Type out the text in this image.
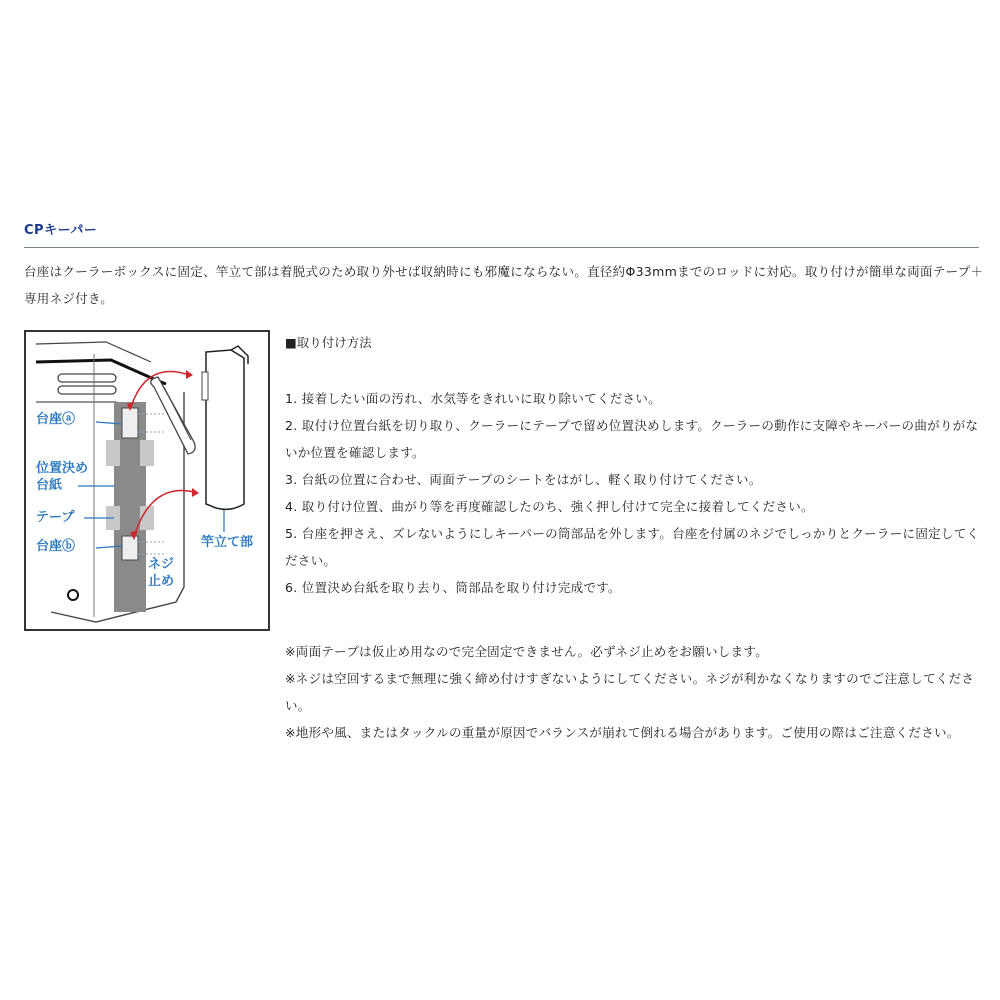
CPキーパー
台座はクーラーボックスに固定、竿立て部は着脱式のため取り外せば収納時にも邪魔にならない。直径約Φ33mmまでのロッドに対応。取り付けが簡単な両面テープ＋専用ネジ付き。
台座ⓐ
位置決め
台紙
テープ
台座ⓑ
ネジ
止め
竿立て部
■取り付け方法

1. 接着したい面の汚れ、水気等をきれいに取り除いてください。

2. 取付け位置台紙を切り取り、クーラーにテープで留め位置決めします。クーラーの動作に支障やキーパーの曲がりがないか位置を確認します。

3. 台紙の位置に合わせ、両面テープのシートをはがし、軽く取り付けてください。

4. 取り付け位置、曲がり等を再度確認したのち、強く押し付けて完全に接着してください。

5. 台座を押さえ、ズレないようにしキーパーの筒部品を外します。台座を付属のネジでしっかりとクーラーに固定してください。

6. 位置決め台紙を取り去り、筒部品を取り付け完成です。

※両面テープは仮止め用なので完全固定できません。必ずネジ止めをお願いします。

※ネジは空回するまで無理に強く締め付けすぎないようにしてください。ネジが利かなくなりますのでご注意してください。

※地形や風、またはタックルの重量が原因でバランスが崩れて倒れる場合があります。ご使用の際はご注意ください。
